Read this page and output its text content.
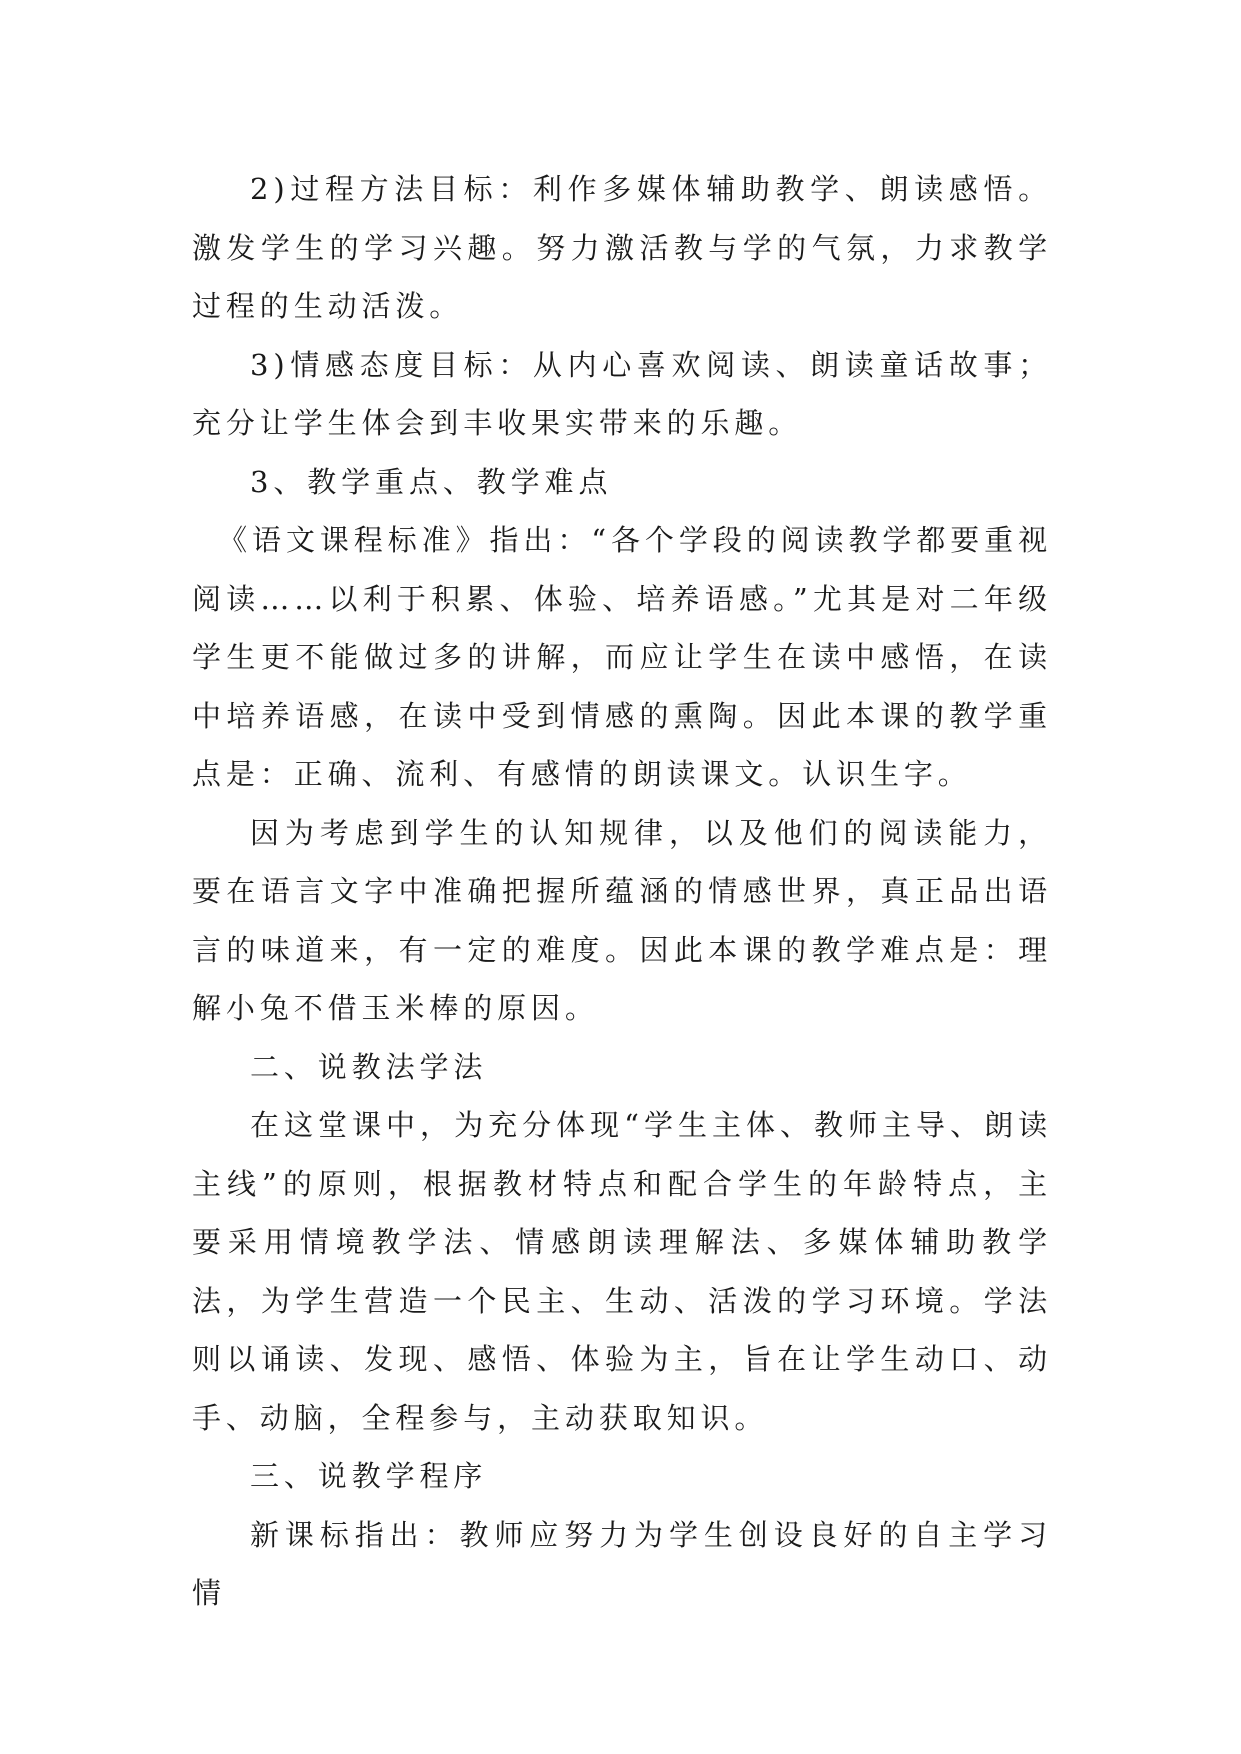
2)过程方法目标：利作多媒体辅助教学、朗读感悟。激发学生的学习兴趣。努力激活教与学的气氛，力求教学过程的生动活泼。

3)情感态度目标：从内心喜欢阅读、朗读童话故事；充分让学生体会到丰收果实带来的乐趣。

3、教学重点、教学难点

《语文课程标准》指出：“各个学段的阅读教学都要重视阅读……以利于积累、体验、培养语感。”尤其是对二年级学生更不能做过多的讲解，而应让学生在读中感悟，在读中培养语感，在读中受到情感的熏陶。因此本课的教学重点是：正确、流利、有感情的朗读课文。认识生字。

因为考虑到学生的认知规律，以及他们的阅读能力，要在语言文字中准确把握所蕴涵的情感世界，真正品出语言的味道来，有一定的难度。因此本课的教学难点是：理解小兔不借玉米棒的原因。

二、说教法学法

在这堂课中，为充分体现“学生主体、教师主导、朗读主线”的原则，根据教材特点和配合学生的年龄特点，主要采用情境教学法、情感朗读理解法、多媒体辅助教学法，为学生营造一个民主、生动、活泼的学习环境。学法则以诵读、发现、感悟、体验为主，旨在让学生动口、动手、动脑，全程参与，主动获取知识。

三、说教学程序

新课标指出：教师应努力为学生创设良好的自主学习情
